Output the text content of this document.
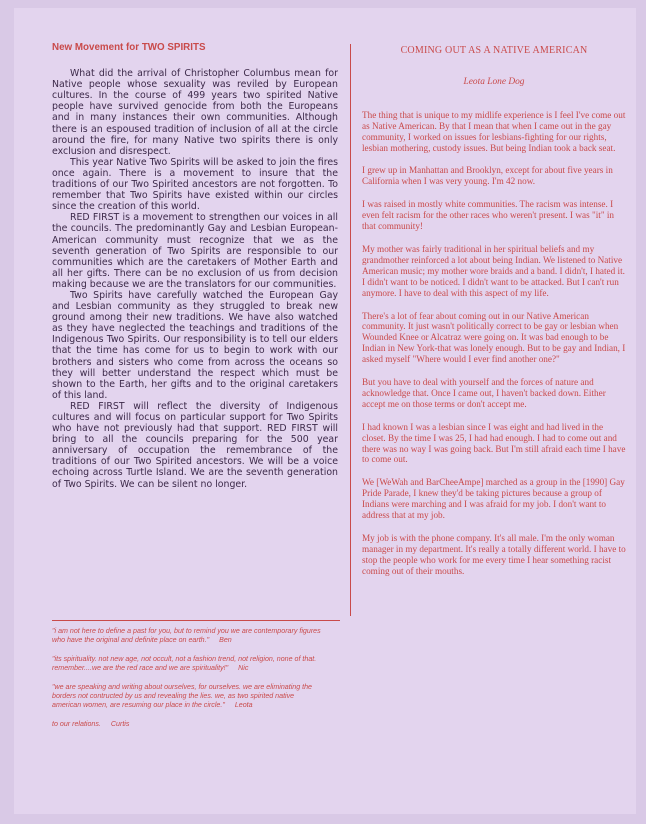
New Movement for TWO SPIRITS

What did the arrival of Christopher Columbus mean for Native people whose sexuality was reviled by European cultures. In the course of 499 years two spirited Native people have survived genocide from both the Europeans and in many instances their own communities. Although there is an espoused tradition of inclusion of all at the circle around the fire, for many Native two spirits there is only exclusion and disrespect.

This year Native Two Spirits will be asked to join the fires once again. There is a movement to insure that the traditions of our Two Spirited ancestors are not forgotten. To remember that Two Spirits have existed within our circles since the creation of this world.

RED FIRST is a movement to strengthen our voices in all the councils. The predominantly Gay and Lesbian European-American community must recognize that we as the seventh generation of Two Spirits are responsible to our communities which are the caretakers of Mother Earth and all her gifts. There can be no exclusion of us from decision making because we are the translators for our communities.

Two Spirits have carefully watched the European Gay and Lesbian community as they struggled to break new ground among their new traditions. We have also watched as they have neglected the teachings and traditions of the Indigenous Two Spirits. Our responsibility is to tell our elders that the time has come for us to begin to work with our brothers and sisters who come from across the oceans so they will better understand the respect which must be shown to the Earth, her gifts and to the original caretakers of this land.

RED FIRST will reflect the diversity of Indigenous cultures and will focus on particular support for Two Spirits who have not previously had that support. RED FIRST will bring to all the councils preparing for the 500 year anniversary of occupation the remembrance of the traditions of our Two Spirited ancestors. We will be a voice echoing across Turtle Island. We are the seventh generation of Two Spirits. We can be silent no longer.

"i am not here to define a past for you, but to remind you we are contemporary figures who have the original and definite place on earth." Ben
"its spirituality. not new age, not occult, not a fashion trend, not religion, none of that. remember....we are the red race and we are spirituality!" Nic
"we are speaking and writing about ourselves, for ourselves. we are eliminating the borders not contructed by us and revealing the lies. we, as two spirited native american women, are resuming our place in the circle." Leota
to our relations. Curtis
COMING OUT AS A NATIVE AMERICAN
Leota Lone Dog

The thing that is unique to my midlife experience is I feel I've come out as Native American. By that I mean that when I came out in the gay community, I worked on issues for lesbians-fighting for our rights, lesbian mothering, custody issues. But being Indian took a back seat.

I grew up in Manhattan and Brooklyn, except for about five years in California when I was very young. I'm 42 now.

I was raised in mostly white communities. The racism was intense. I even felt racism for the other races who weren't present. I was "it" in that community!

My mother was fairly traditional in her spiritual beliefs and my grandmother reinforced a lot about being Indian. We listened to Native American music; my mother wore braids and a band. I didn't, I hated it. I didn't want to be noticed. I didn't want to be attacked. But I can't run anymore. I have to deal with this aspect of my life.

There's a lot of fear about coming out in our Native American community. It just wasn't politically correct to be gay or lesbian when Wounded Knee or Alcatraz were going on. It was bad enough to be Indian in New York-that was lonely enough. But to be gay and Indian, I asked myself "Where would I ever find another one?"

But you have to deal with yourself and the forces of nature and acknowledge that. Once I came out, I haven't backed down. Either accept me on those terms or don't accept me.

I had known I was a lesbian since I was eight and had lived in the closet. By the time I was 25, I had had enough. I had to come out and there was no way I was going back. But I'm still afraid each time I have to come out.

We [WeWah and BarCheeAmpe] marched as a group in the [1990] Gay Pride Parade, I knew they'd be taking pictures because a group of Indians were marching and I was afraid for my job. I don't want to address that at my job.

My job is with the phone company. It's all male. I'm the only woman manager in my department. It's really a totally different world. I have to stop the people who work for me every time I hear something racist coming out of their mouths.
